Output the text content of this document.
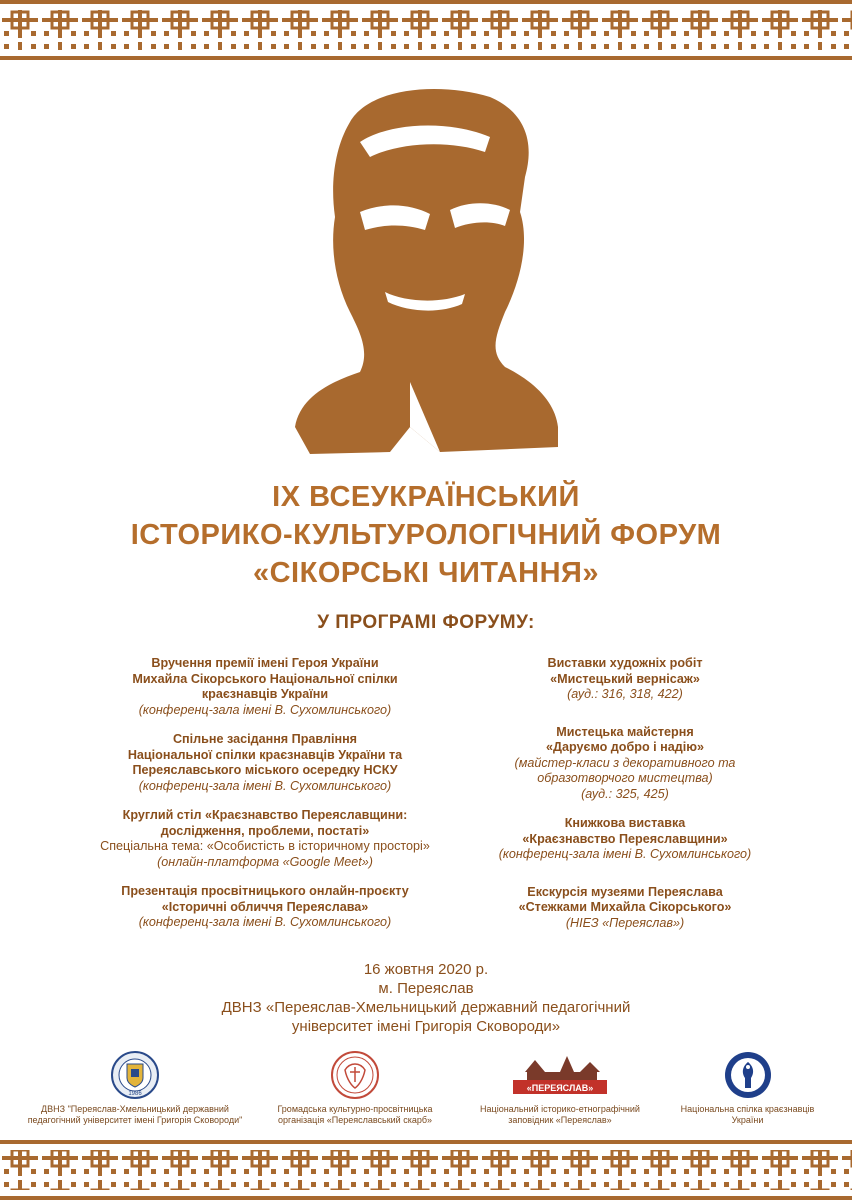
IX ВСЕУКРАЇНСЬКИЙ
ІСТОРИКО-КУЛЬТУРОЛОГІЧНИЙ ФОРУМ
«СІКОРСЬКІ ЧИТАННЯ»
У ПРОГРАМІ ФОРУМУ:
Вручення премії імені Героя України
Михайла Сікорського Національної спілки
краєзнавців України
(конференц-зала імені В. Сухомлинського)
Спільне засідання Правління
Національної спілки краєзнавців України та
Переяславського міського осередку НСКУ
(конференц-зала імені В. Сухомлинського)
Круглий стіл «Краєзнавство Переяславщини:
дослідження, проблеми, постаті»
Спеціальна тема: «Особистість в історичному просторі»
(онлайн-платформа «Google Meet»)
Презентація просвітницького онлайн-проєкту
«Історичні обличчя Переяслава»
(конференц-зала імені В. Сухомлинського)
Виставки художніх робіт
«Мистецький вернісаж»
(ауд.: 316, 318, 422)
Мистецька майстерня
«Даруємо добро і надію»
(майстер-класи з декоративного та
образотворчого мистецтва)
(ауд.: 325, 425)
Книжкова виставка
«Краєзнавство Переяславщини»
(конференц-зала імені В. Сухомлинського)
Екскурсія музеями Переяслава
«Стежками Михайла Сікорського»
(НІЕЗ «Переяслав»)
16 жовтня 2020 р.
м. Переяслав
ДВНЗ «Переяслав-Хмельницький державний педагогічний
університет імені Григорія Сковороди»
1986
ДВНЗ "Переяслав-Хмельницький державний
педагогічний університет імені Григорія Сковороди"
Громадська культурно-просвітницька
організація «Переяславський скарб»
«ПЕРЕЯСЛАВ»
Національний історико-етнографічний
заповідник «Переяслав»
Національна спілка краєзнавців
України
